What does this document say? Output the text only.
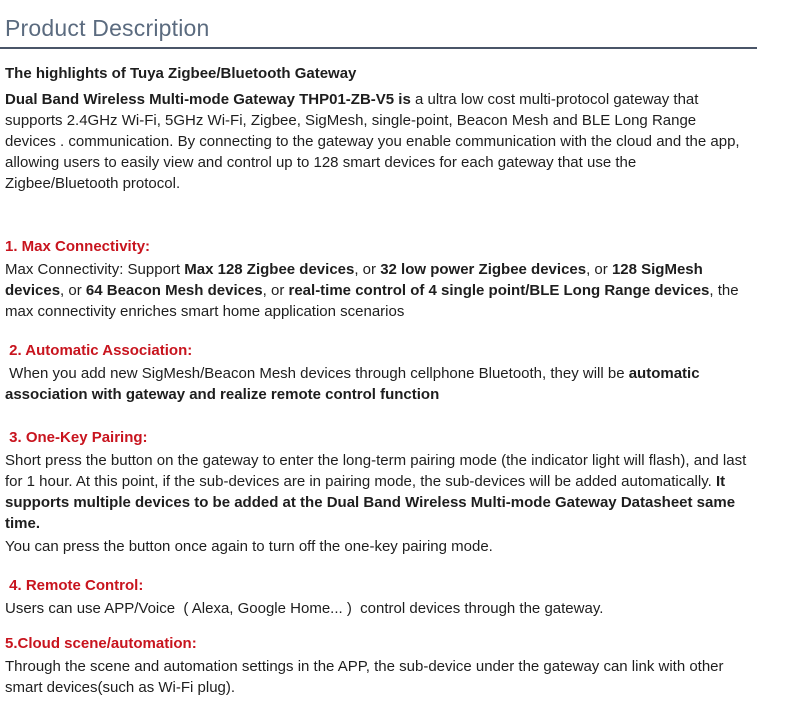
Product Description

The highlights of Tuya Zigbee/Bluetooth Gateway

Dual Band Wireless Multi-mode Gateway THP01-ZB-V5 is a ultra low cost multi-protocol gateway that supports 2.4GHz Wi-Fi, 5GHz Wi-Fi, Zigbee, SigMesh, single-point, Beacon Mesh and BLE Long Range devices . communication. By connecting to the gateway you enable communication with the cloud and the app, allowing users to easily view and control up to 128 smart devices for each gateway that use the Zigbee/Bluetooth protocol.

1. Max Connectivity:

Max Connectivity: Support Max 128 Zigbee devices, or 32 low power Zigbee devices, or 128 SigMesh devices, or 64 Beacon Mesh devices, or real-time control of 4 single point/BLE Long Range devices, the max connectivity enriches smart home application scenarios

2. Automatic Association:

When you add new SigMesh/Beacon Mesh devices through cellphone Bluetooth, they will be automatic association with gateway and realize remote control function

3. One-Key Pairing:

Short press the button on the gateway to enter the long-term pairing mode (the indicator light will flash), and last for 1 hour. At this point, if the sub-devices are in pairing mode, the sub-devices will be added automatically. It supports multiple devices to be added at the Dual Band Wireless Multi-mode Gateway Datasheet same time.

You can press the button once again to turn off the one-key pairing mode.

4. Remote Control:

Users can use APP/Voice  ( Alexa, Google Home... )  control devices through the gateway.

5.Cloud scene/automation:

Through the scene and automation settings in the APP, the sub-device under the gateway can link with other smart devices(such as Wi-Fi plug).
